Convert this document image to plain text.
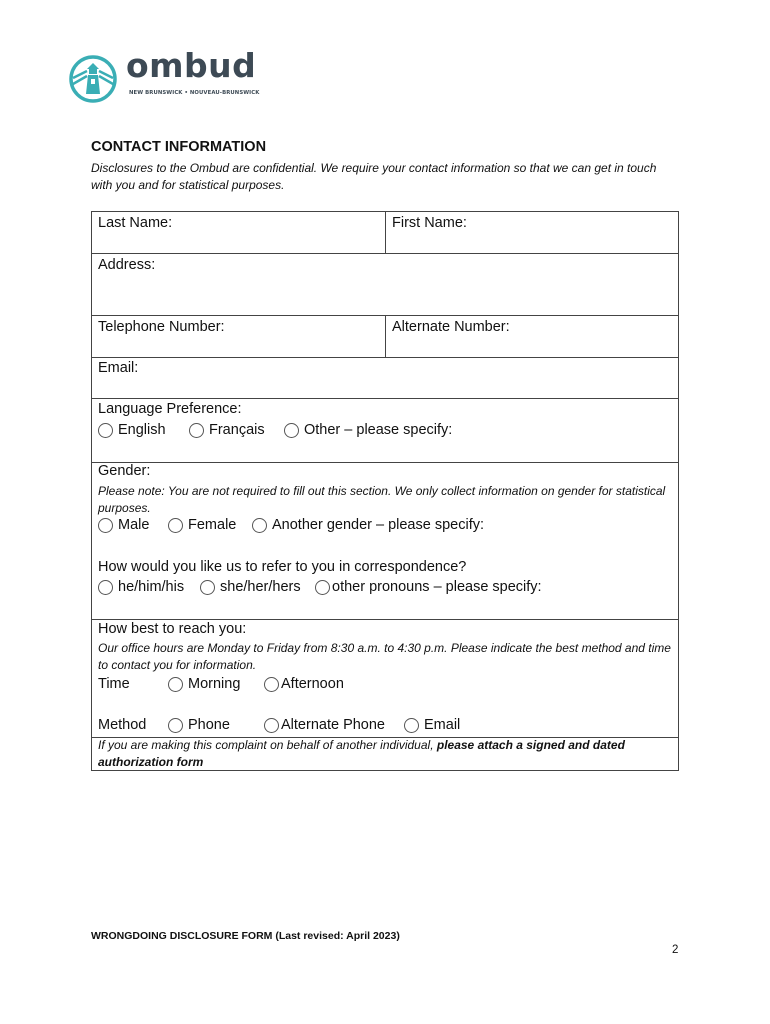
ombud
NEW BRUNSWICK • NOUVEAU-BRUNSWICK
CONTACT INFORMATION
Disclosures to the Ombud are confidential. We require your contact information so that we can get in touch with you and for statistical purposes.
Last Name:	First Name:
Address:
Telephone Number:	Alternate Number:
Email:
Language Preference:
English	Français	Other – please specify:
Gender:
Please note: You are not required to fill out this section. We only collect information on gender for statistical purposes.
Male	Female Another gender – please specify:
How would you like us to refer to you in correspondence?
he/him/his she/her/hers other pronouns – please specify:
How best to reach you:
Our office hours are Monday to Friday from 8:30 a.m. to 4:30 p.m. Please indicate the best method and time to contact you for information.
Time	Morning	Afternoon
Method	Phone	Alternate Phone	Email
If you are making this complaint on behalf of another individual, please attach a signed and dated authorization form
WRONGDOING DISCLOSURE FORM (Last revised: April 2023)
2
